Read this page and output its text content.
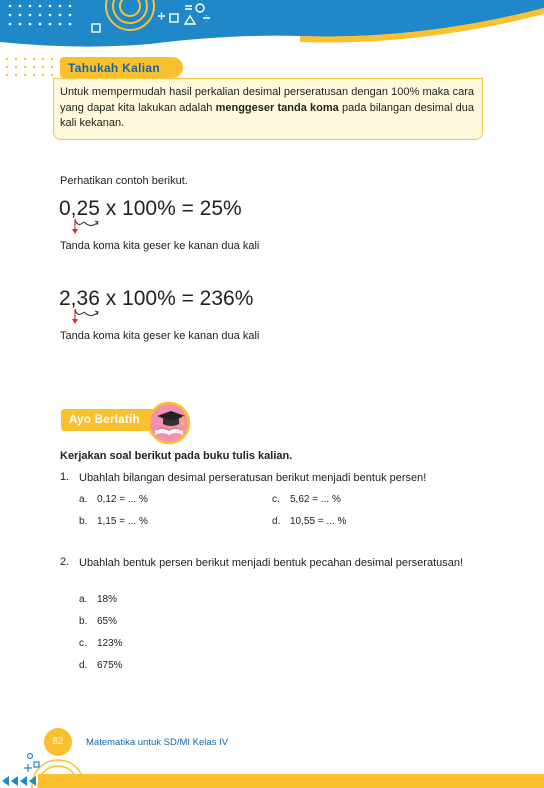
Tahukah Kalian
Untuk mempermudah hasil perkalian desimal perseratusan dengan 100% maka cara yang dapat kita lakukan adalah menggeser tanda koma pada bilangan desimal dua kali kekanan.
Perhatikan contoh berikut.
0,25 x 100% = 25%
Tanda koma kita geser ke kanan dua kali
2,36 x 100% = 236%
Tanda koma kita geser ke kanan dua kali
Ayo Berlatih
Kerjakan soal berikut pada buku tulis kalian.
1. Ubahlah bilangan desimal perseratusan berikut menjadi bentuk persen!
a. 0,12 = ... %
b. 1,15 = ... %
c. 5,62 = ... %
d. 10,55 = ... %
2. Ubahlah bentuk persen berikut menjadi bentuk pecahan desimal perseratusan!
a. 18%
b. 65%
c. 123%
d. 675%
82	Matematika untuk SD/MI Kelas IV
